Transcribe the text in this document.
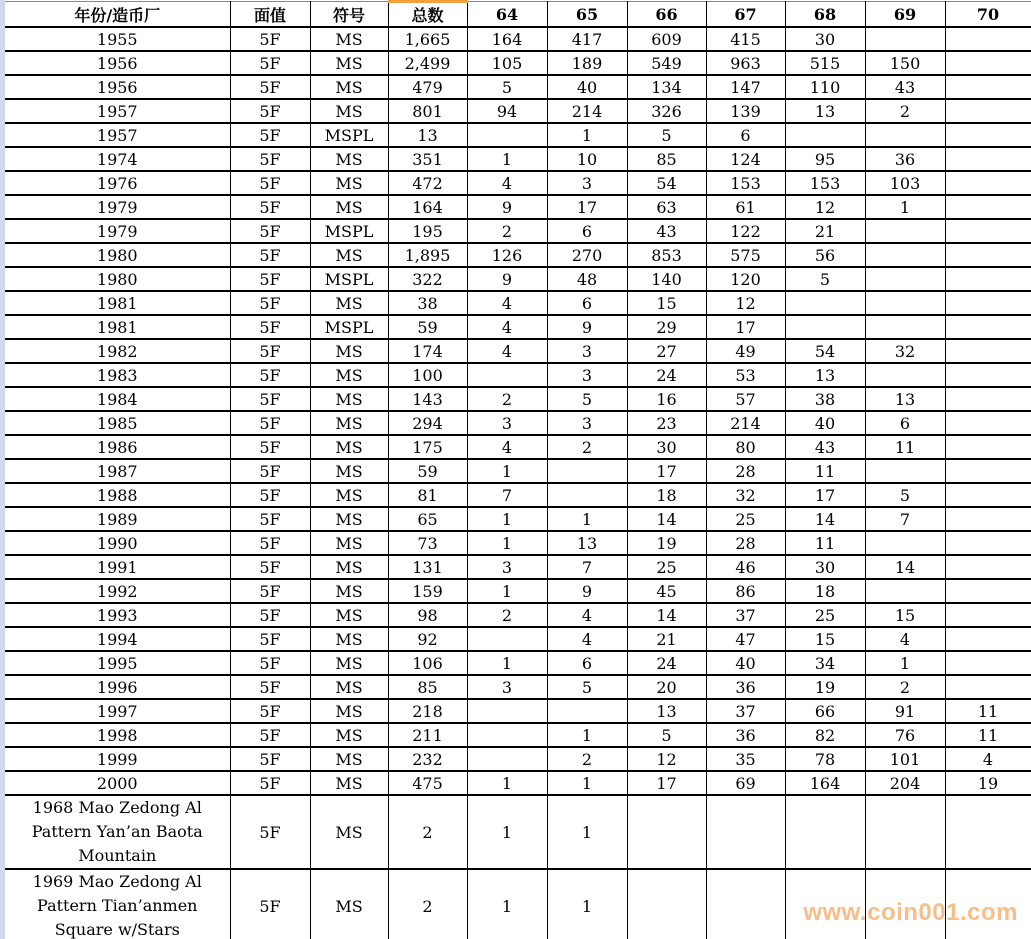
年份/造币厂	面值	符号	总数	64	65	66	67	68	69	70
1955	5F	MS	1,665	164	417	609	415	30		
1956	5F	MS	2,499	105	189	549	963	515	150	
1956	5F	MS	479	5	40	134	147	110	43	
1957	5F	MS	801	94	214	326	139	13	2	
1957	5F	MSPL	13		1	5	6			
1974	5F	MS	351	1	10	85	124	95	36	
1976	5F	MS	472	4	3	54	153	153	103	
1979	5F	MS	164	9	17	63	61	12	1	
1979	5F	MSPL	195	2	6	43	122	21		
1980	5F	MS	1,895	126	270	853	575	56		
1980	5F	MSPL	322	9	48	140	120	5		
1981	5F	MS	38	4	6	15	12			
1981	5F	MSPL	59	4	9	29	17			
1982	5F	MS	174	4	3	27	49	54	32	
1983	5F	MS	100		3	24	53	13		
1984	5F	MS	143	2	5	16	57	38	13	
1985	5F	MS	294	3	3	23	214	40	6	
1986	5F	MS	175	4	2	30	80	43	11	
1987	5F	MS	59	1		17	28	11		
1988	5F	MS	81	7		18	32	17	5	
1989	5F	MS	65	1	1	14	25	14	7	
1990	5F	MS	73	1	13	19	28	11		
1991	5F	MS	131	3	7	25	46	30	14	
1992	5F	MS	159	1	9	45	86	18		
1993	5F	MS	98	2	4	14	37	25	15	
1994	5F	MS	92		4	21	47	15	4	
1995	5F	MS	106	1	6	24	40	34	1	
1996	5F	MS	85	3	5	20	36	19	2	
1997	5F	MS	218			13	37	66	91	11
1998	5F	MS	211		1	5	36	82	76	11
1999	5F	MS	232		2	12	35	78	101	4
2000	5F	MS	475	1	1	17	69	164	204	19
1968 Mao Zedong Al Pattern Yan’an Baota Mountain	5F	MS	2	1	1					
1969 Mao Zedong Al Pattern Tian’anmen Square w/Stars	5F	MS	2	1	1					
											www.coin001.com
